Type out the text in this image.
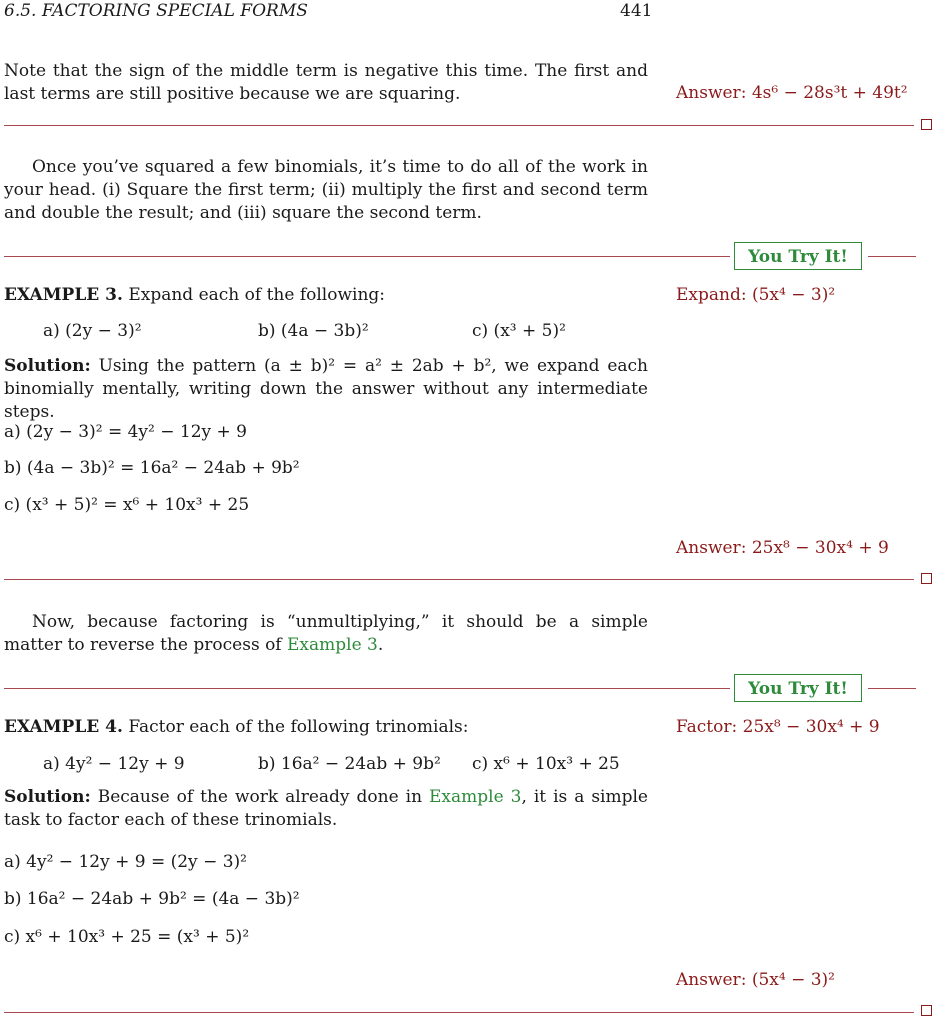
6.5. FACTORING SPECIAL FORMS	441
Note that the sign of the middle term is negative this time. The first and last terms are still positive because we are squaring.	Answer: 4s⁶ − 28s³t + 49t²
Once you’ve squared a few binomials, it’s time to do all of the work in your head. (i) Square the first term; (ii) multiply the first and second term and double the result; and (iii) square the second term.
You Try It!
EXAMPLE 3. Expand each of the following:	Expand: (5x⁴ − 3)²
a) (2y − 3)²	b) (4a − 3b)²	c) (x³ + 5)²
Solution: Using the pattern (a ± b)² = a² ± 2ab + b², we expand each binomially mentally, writing down the answer without any intermediate steps.
a) (2y − 3)² = 4y² − 12y + 9
b) (4a − 3b)² = 16a² − 24ab + 9b²
c) (x³ + 5)² = x⁶ + 10x³ + 25
Answer: 25x⁸ − 30x⁴ + 9
Now, because factoring is “unmultiplying,” it should be a simple matter to reverse the process of Example 3.
You Try It!
EXAMPLE 4. Factor each of the following trinomials:	Factor: 25x⁸ − 30x⁴ + 9
a) 4y² − 12y + 9	b) 16a² − 24ab + 9b² c) x⁶ + 10x³ + 25
Solution: Because of the work already done in Example 3, it is a simple task to factor each of these trinomials.
a) 4y² − 12y + 9 = (2y − 3)²
b) 16a² − 24ab + 9b² = (4a − 3b)²
c) x⁶ + 10x³ + 25 = (x³ + 5)²
Answer: (5x⁴ − 3)²
